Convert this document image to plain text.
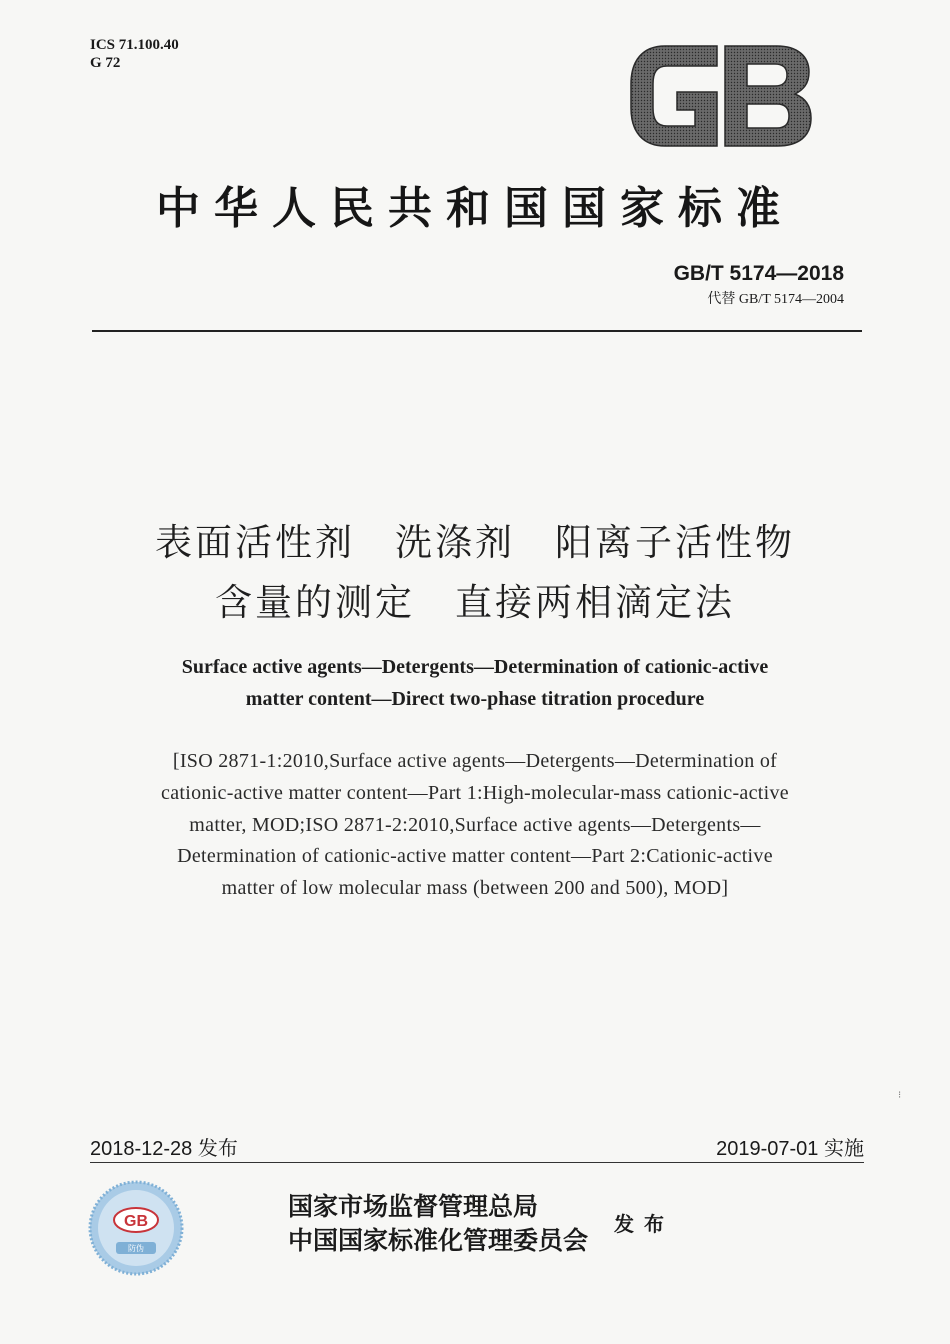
ICS 71.100.40
G 72
中华人民共和国国家标准
GB/T 5174—2018
代替 GB/T 5174—2004
表面活性剂　洗涤剂　阳离子活性物
含量的测定　直接两相滴定法
Surface active agents—Detergents—Determination of cationic-active
matter content—Direct two-phase titration procedure
[ISO 2871-1:2010,Surface active agents—Detergents—Determination of
cationic-active matter content—Part 1:High-molecular-mass cationic-active
matter, MOD;ISO 2871-2:2010,Surface active agents—Detergents—
Determination of cationic-active matter content—Part 2:Cationic-active
matter of low molecular mass (between 200 and 500), MOD]
⁝
2018-12-28 发布	2019-07-01 实施
GB
防伪
国家市场监督管理总局
中国国家标准化管理委员会
发布
